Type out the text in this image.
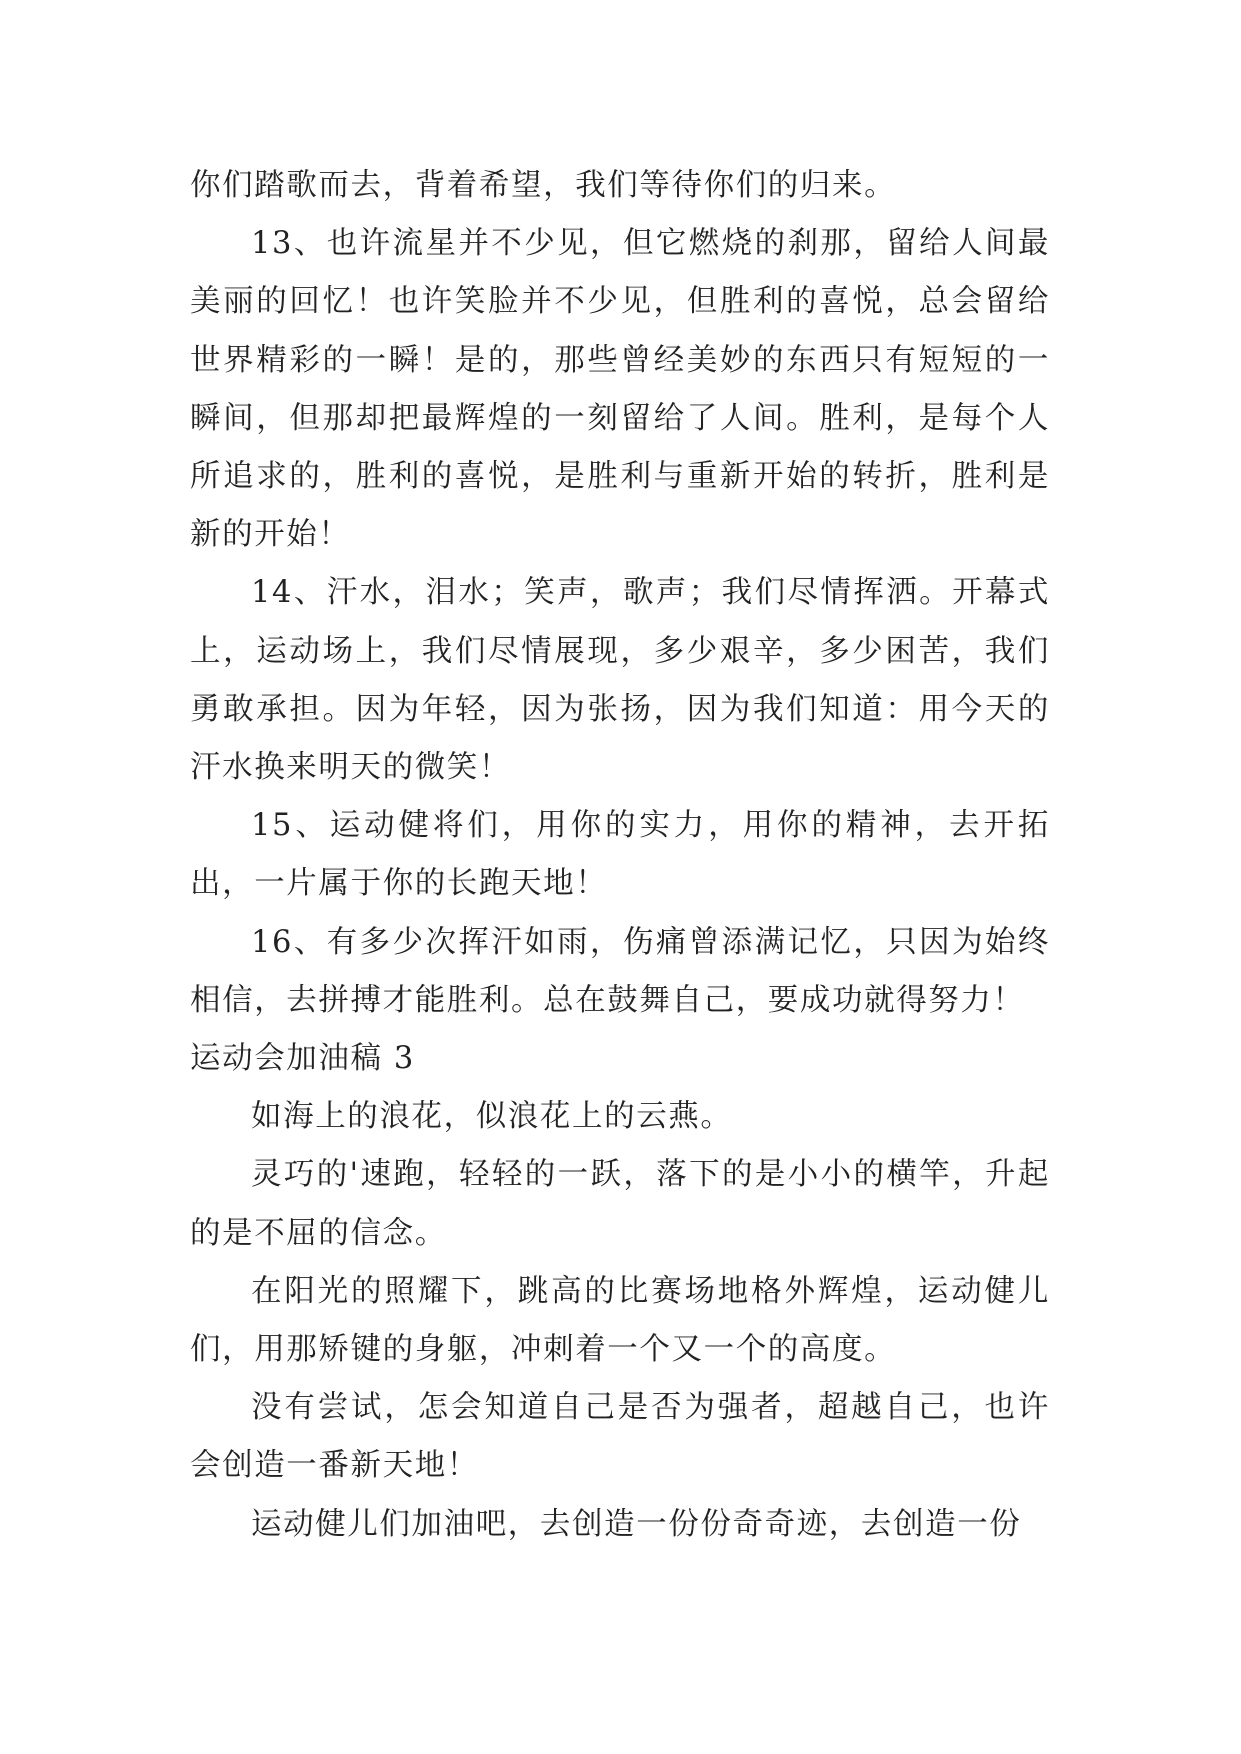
你们踏歌而去，背着希望，我们等待你们的归来。

13、也许流星并不少见，但它燃烧的刹那，留给人间最美丽的回忆！也许笑脸并不少见，但胜利的喜悦，总会留给世界精彩的一瞬！是的，那些曾经美妙的东西只有短短的一瞬间，但那却把最辉煌的一刻留给了人间。胜利，是每个人所追求的，胜利的喜悦，是胜利与重新开始的转折，胜利是新的开始！

14、汗水，泪水；笑声，歌声；我们尽情挥洒。开幕式上，运动场上，我们尽情展现，多少艰辛，多少困苦，我们勇敢承担。因为年轻，因为张扬，因为我们知道：用今天的汗水换来明天的微笑！

15、运动健将们，用你的实力，用你的精神，去开拓出，一片属于你的长跑天地！

16、有多少次挥汗如雨，伤痛曾添满记忆，只因为始终相信，去拼搏才能胜利。总在鼓舞自己，要成功就得努力！

运动会加油稿 3

如海上的浪花，似浪花上的云燕。

灵巧的'速跑，轻轻的一跃，落下的是小小的横竿，升起的是不屈的信念。

在阳光的照耀下，跳高的比赛场地格外辉煌，运动健儿们，用那矫键的身躯，冲刺着一个又一个的高度。

没有尝试，怎会知道自己是否为强者，超越自己，也许会创造一番新天地！

运动健儿们加油吧，去创造一份份奇奇迹，去创造一份
